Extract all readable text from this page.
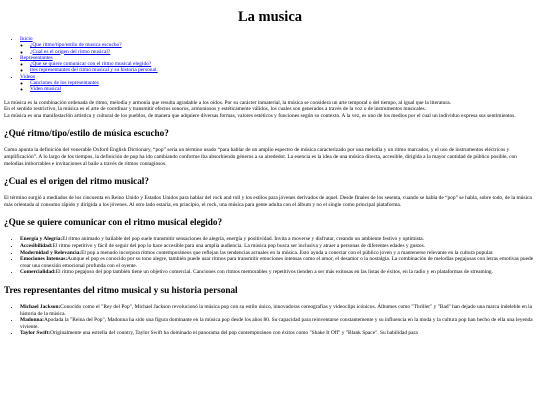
La musica
• Inicio
◦ ¿Que ritmo/tipo/estilo de musica escucho?
◦ ¿Cual es el origen del ritmo musical?
• Representantes
◦ ¿Que se quiere comunicar con el ritmo musical elegido?
◦ tres representantes del ritmo musical y su historia personal.
• Videos
◦ Canciones de los representantes
◦ Video musical

La música es la combinación ordenada de ritmo, melodía y armonía que resulta agradable a los oídos. Por su carácter inmaterial, la música se considera un arte temporal o del tiempo, al igual que la literatura.

En el sentido restrictivo, la música es el arte de coordinar y transmitir efectos sonoros, armoniosos y estéticamente válidos, los cuales son generados a través de la voz o de instrumentos musicales.

La música es una manifestación artística y cultural de los pueblos, de manera que adquiere diversas formas, valores estéticos y funciones según su contexto. A la vez, es uno de los medios por el cual un individuo expresa sus sentimientos.

¿Qué ritmo/tipo/estilo de música escucho?

Como apunta la definición del venerable Oxford English Dictionary, “pop” sería un término usado “para hablar de un amplio espectro de música caracterizado por una melodía y un ritmo marcados, y el uso de instrumentos eléctricos y amplificación”. A lo largo de los tiempos, la definición de pop ha ido cambiando conforme iba absorbiendo géneros a su alrededor. La esencia es la idea de una música directa, accesible, dirigida a la mayor cantidad de público posible, con melodías imborrables e invitaciones al baile a través de ritmos contagiosos.

¿Cual es el origen del ritmo musical?

El término surgió a mediados de los cincuenta en Reino Unido y Estados Unidos para hablar del rock and roll y los estilos para jóvenes derivados de aquel. Desde finales de los sesenta, cuando se habla de “pop” se habla, sobre todo, de la música más orientada al consumo rápido y dirigida a los jóvenes. Al otro lado estaría, en principio, el rock, una música para gente adulta con el álbum y no el single como principal plataforma.

¿Que se quiere comunicar con el ritmo musical elegido?
• Energía y Alegría:El ritmo animado y bailable del pop suele transmitir sensaciones de alegría, energía y positividad. Invita a moverse y disfrutar, creando un ambiente festivo y optimista.
• Accesibilidad:El ritmo repetitivo y fácil de seguir del pop lo hace accesible para una amplia audiencia. La música pop busca ser inclusiva y atraer a personas de diferentes edades y gustos.
• Modernidad y Relevancia:El pop a menudo incorpora ritmos contemporáneos que reflejan las tendencias actuales en la música. Esto ayuda a conectar con el público joven y a mantenerse relevante en la cultura popular.
• Emociones Intensas:Aunque el pop es conocido por su tono alegre, también puede usar ritmos para transmitir emociones intensas como el amor, el desamor o la nostalgia. La combinación de melodías pegajosas con letras emotivas puede crear una conexión emocional profunda con el oyente.
• Comercialidad:El ritmo pegajoso del pop también tiene un objetivo comercial. Canciones con ritmos memorables y repetitivos tienden a ser más exitosas en las listas de éxitos, en la radio y en plataformas de streaming.
Tres representantes del ritmo musical y su historia personal
• Michael Jackson:Conocido como el "Rey del Pop", Michael Jackson revolucionó la música pop con su estilo único, innovadoras coreografías y videoclips icónicos. Álbumes como "Thriller" y "Bad" han dejado una marca indeleble en la historia de la música.
• Madonna:Apodada la "Reina del Pop", Madonna ha sido una figura dominante en la música pop desde los años 80. Su capacidad para reinventarse constantemente y su influencia en la moda y la cultura pop han hecho de ella una leyenda viviente.
• Taylor Swift:Originalmente una estrella del country, Taylor Swift ha dominado el panorama del pop contemporáneo con éxitos como "Shake It Off" y "Blank Space". Su habilidad para
